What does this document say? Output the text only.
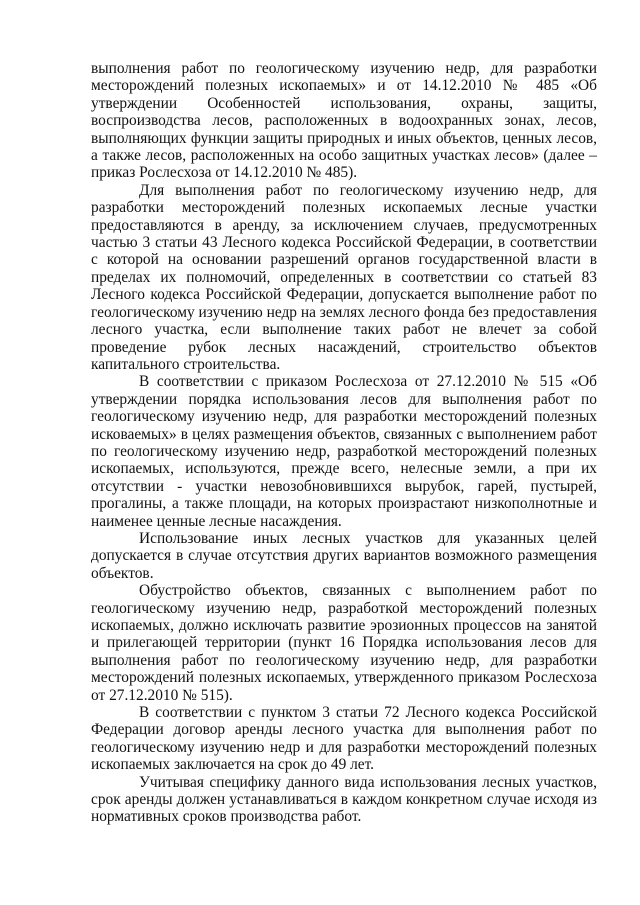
выполнения работ по геологическому изучению недр, для разработки месторождений полезных ископаемых» и от 14.12.2010 № 485 «Об утверждении Особенностей использования, охраны, защиты, воспроизводства лесов, расположенных в водоохранных зонах, лесов, выполняющих функции защиты природных и иных объектов, ценных лесов, а также лесов, расположенных на особо защитных участках лесов» (далее – приказ Рослесхоза от 14.12.2010 № 485).

Для выполнения работ по геологическому изучению недр, для разработки месторождений полезных ископаемых лесные участки предоставляются в аренду, за исключением случаев, предусмотренных частью 3 статьи 43 Лесного кодекса Российской Федерации, в соответствии с которой на основании разрешений органов государственной власти в пределах их полномочий, определенных в соответствии со статьей 83 Лесного кодекса Российской Федерации, допускается выполнение работ по геологическому изучению недр на землях лесного фонда без предоставления лесного участка, если выполнение таких работ не влечет за собой проведение рубок лесных насаждений, строительство объектов капитального строительства.

В соответствии с приказом Рослесхоза от 27.12.2010 № 515 «Об утверждении порядка использования лесов для выполнения работ по геологическому изучению недр, для разработки месторождений полезных исковаемых» в целях размещения объектов, связанных с выполнением работ по геологическому изучению недр, разработкой месторождений полезных ископаемых, используются, прежде всего, нелесные земли, а при их отсутствии - участки невозобновившихся вырубок, гарей, пустырей, прогалины, а также площади, на которых произрастают низкополнотные и наименее ценные лесные насаждения.

Использование иных лесных участков для указанных целей допускается в случае отсутствия других вариантов возможного размещения объектов.

Обустройство объектов, связанных с выполнением работ по геологическому изучению недр, разработкой месторождений полезных ископаемых, должно исключать развитие эрозионных процессов на занятой и прилегающей территории (пункт 16 Порядка использования лесов для выполнения работ по геологическому изучению недр, для разработки месторождений полезных ископаемых, утвержденного приказом Рослесхоза от 27.12.2010 № 515).

В соответствии с пунктом 3 статьи 72 Лесного кодекса Российской Федерации договор аренды лесного участка для выполнения работ по геологическому изучению недр и для разработки месторождений полезных ископаемых заключается на срок до 49 лет.

Учитывая специфику данного вида использования лесных участков, срок аренды должен устанавливаться в каждом конкретном случае исходя из нормативных сроков производства работ.
